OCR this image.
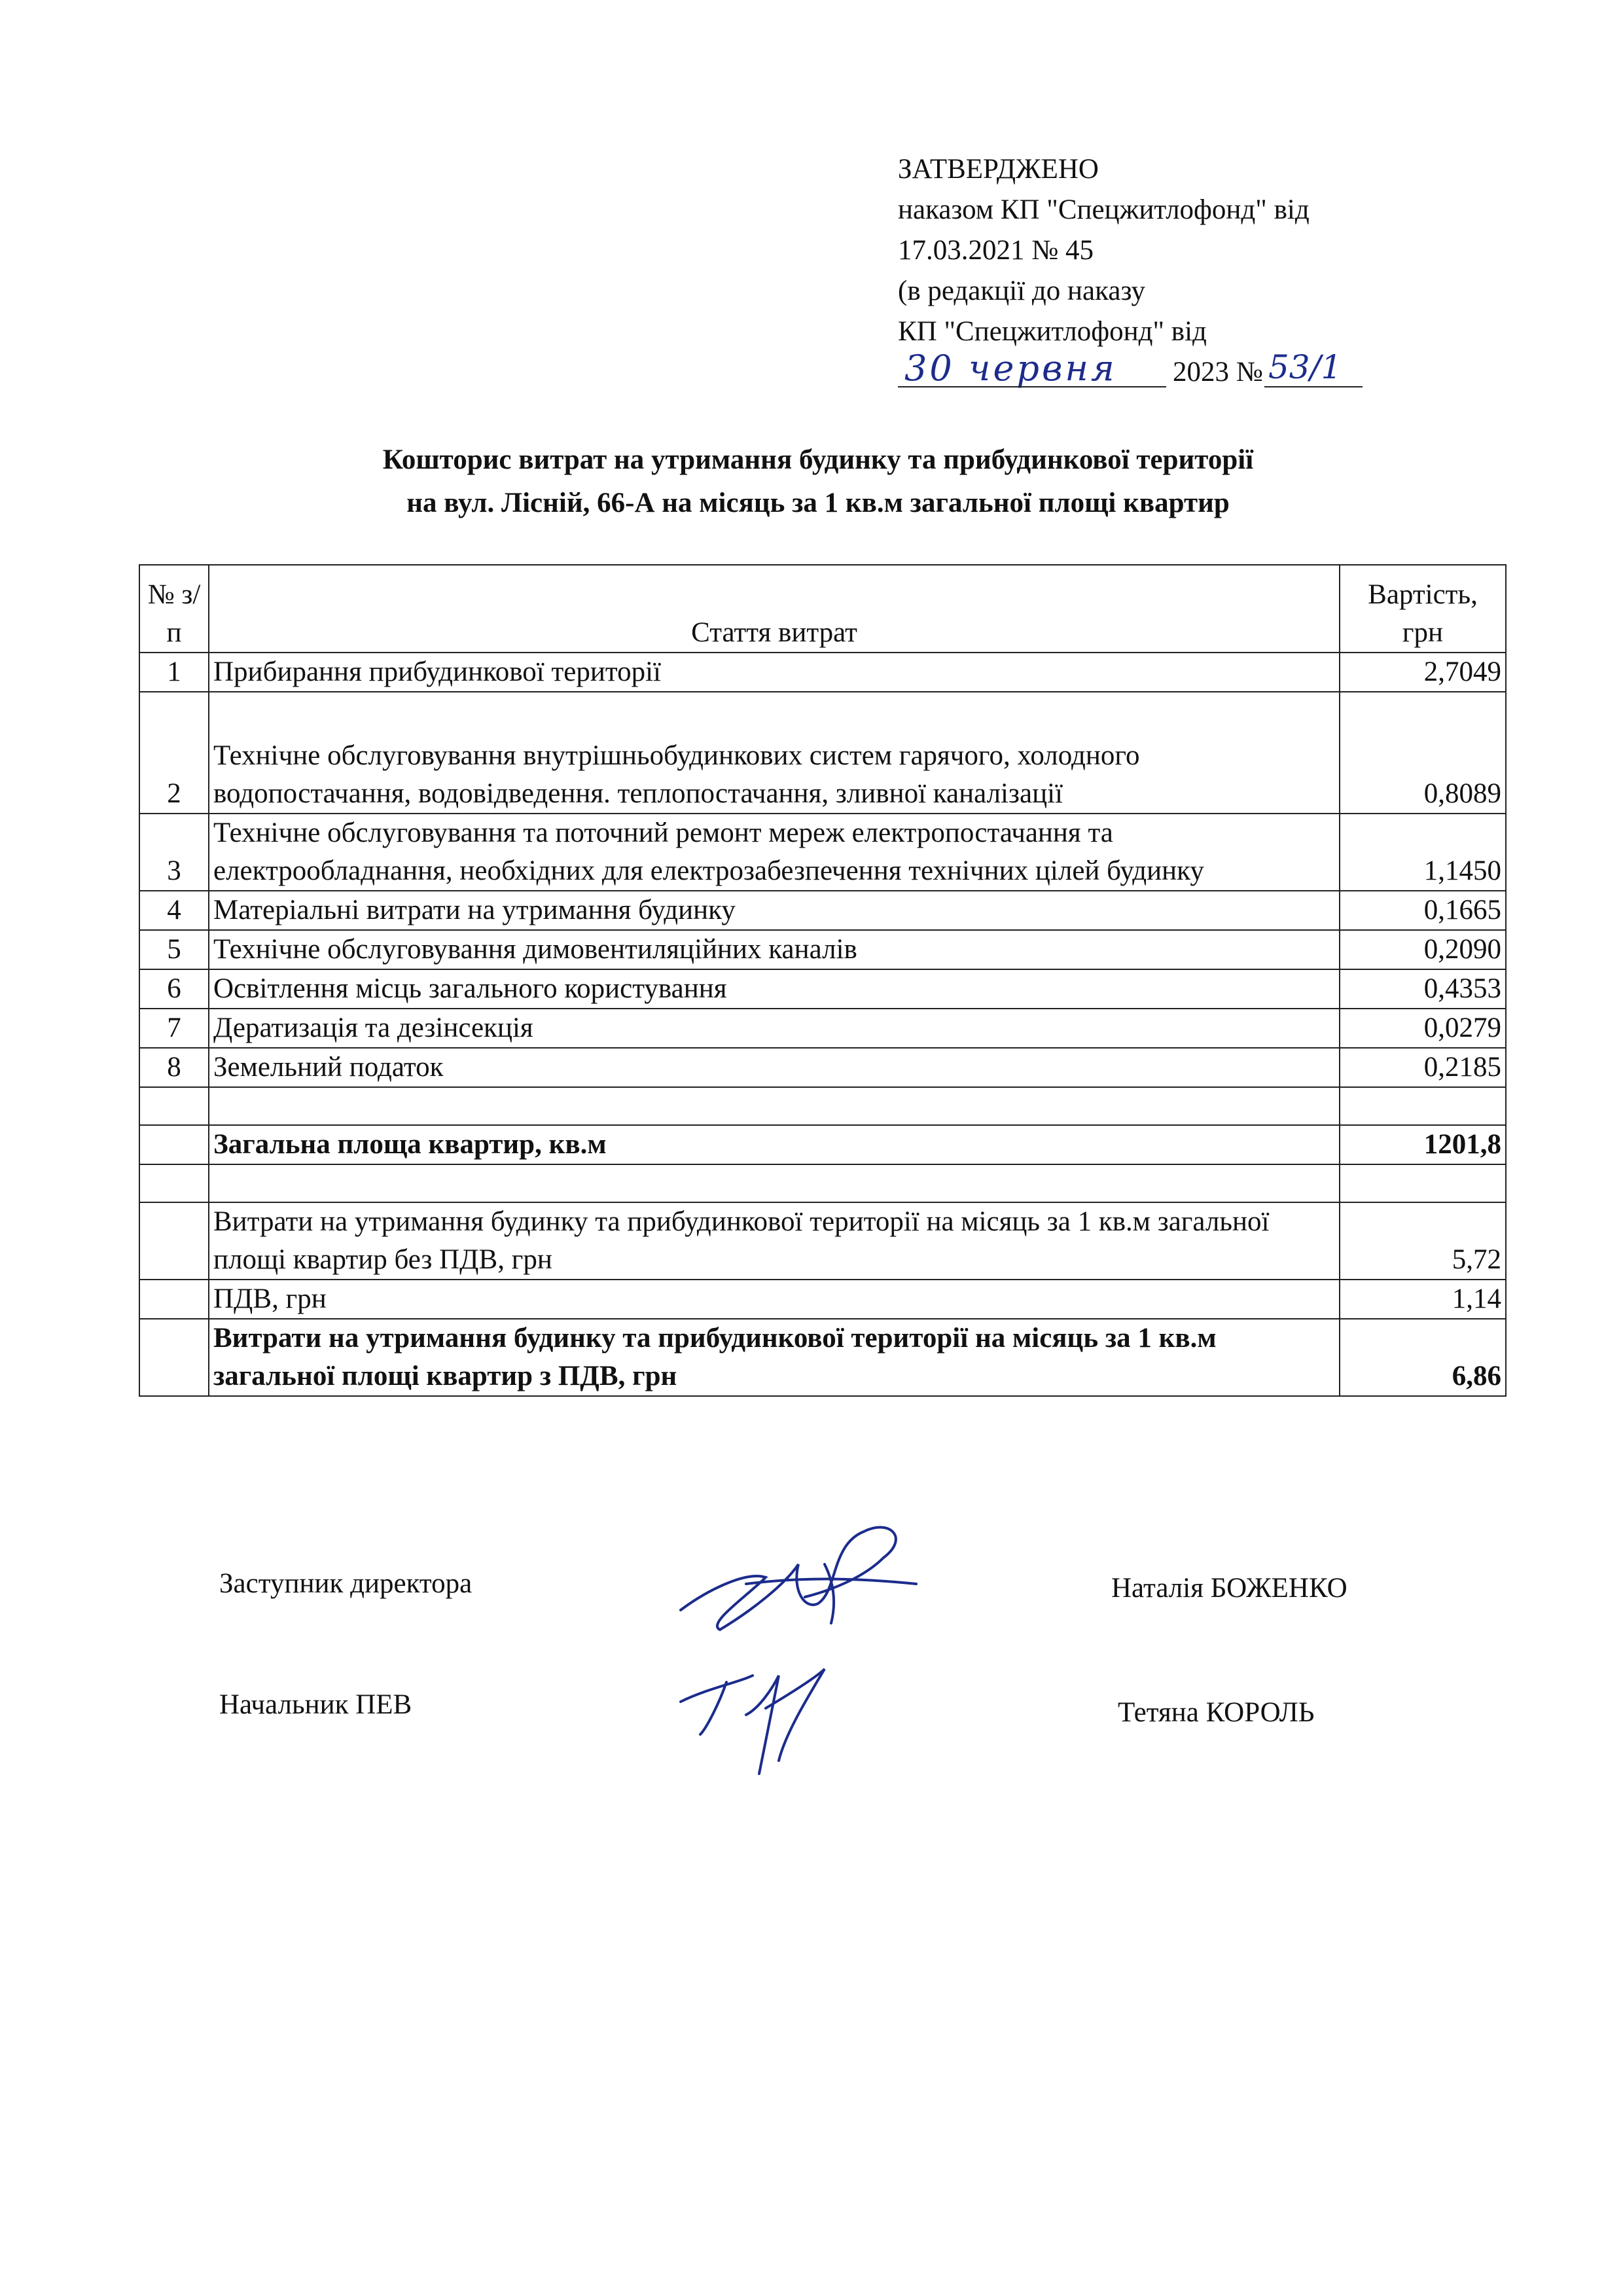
ЗАТВЕРДЖЕНО
наказом КП "Спецжитлофонд" від
17.03.2021 № 45
(в редакції до наказу
КП "Спецжитлофонд" від
30 червня 2023 № 53/1
Кошторис витрат на утримання будинку та прибудинкової території
на вул. Лісній, 66-А на місяць за 1 кв.м загальної площі квартир
№ з/п	Стаття витрат	Вартість, грн
1	Прибирання прибудинкової території	2,7049
2	Технічне обслуговування внутрішньобудинкових систем гарячого, холодного водопостачання, водовідведення. теплопостачання, зливної каналізації	0,8089
3	Технічне обслуговування та поточний ремонт мереж електропостачання та електрообладнання, необхідних для електрозабезпечення технічних цілей будинку	1,1450
4	Матеріальні витрати на утримання будинку	0,1665
5	Технічне обслуговування димовентиляційних каналів	0,2090
6	Освітлення місць загального користування	0,4353
7	Дератизація та дезінсекція	0,0279
8	Земельний податок	0,2185

	Загальна площа квартир, кв.м	1201,8

	Витрати на утримання будинку та прибудинкової території на місяць за 1 кв.м загальної площі квартир без ПДВ, грн	5,72
	ПДВ, грн	1,14
	Витрати на утримання будинку та прибудинкової території на місяць за 1 кв.м загальної площі квартир з ПДВ, грн	6,86
Заступник директора	Наталія БОЖЕНКО
Начальник ПЕВ	Тетяна КОРОЛЬ
